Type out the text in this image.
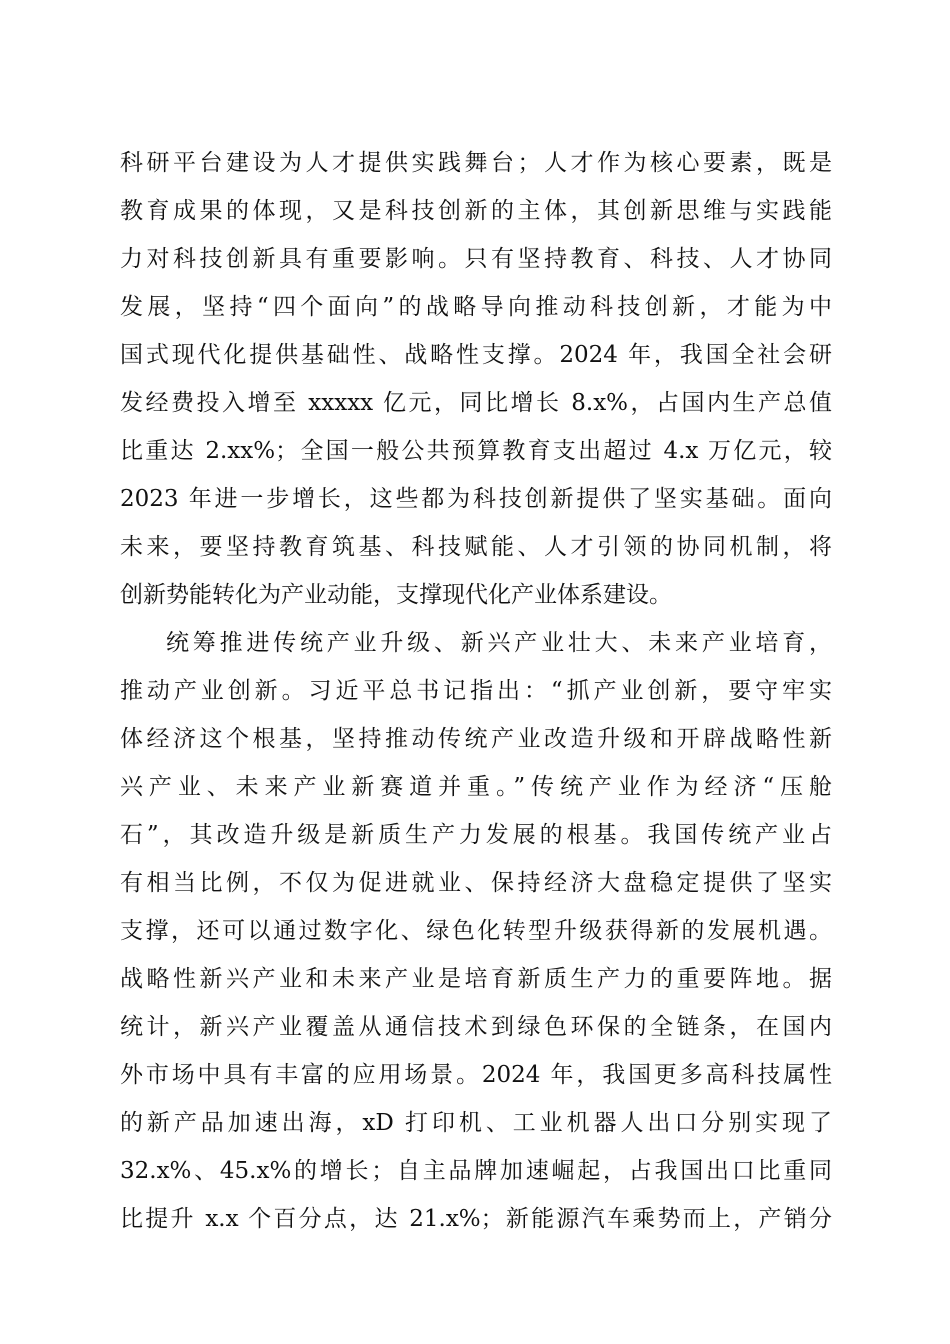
科研平台建设为人才提供实践舞台；人才作为核心要素，既是
教育成果的体现，又是科技创新的主体，其创新思维与实践能
力对科技创新具有重要影响。只有坚持教育、科技、人才协同
发展，坚持“四个面向”的战略导向推动科技创新，才能为中
国式现代化提供基础性、战略性支撑。2024 年，我国全社会研
发经费投入增至 xxxxx 亿元，同比增长 8.x%，占国内生产总值
比重达 2.xx%；全国一般公共预算教育支出超过 4.x 万亿元，较
2023 年进一步增长，这些都为科技创新提供了坚实基础。面向
未来，要坚持教育筑基、科技赋能、人才引领的协同机制，将
创新势能转化为产业动能，支撑现代化产业体系建设。
统筹推进传统产业升级、新兴产业壮大、未来产业培育，
推动产业创新。习近平总书记指出：“抓产业创新，要守牢实
体经济这个根基，坚持推动传统产业改造升级和开辟战略性新
兴产业、未来产业新赛道并重。”传统产业作为经济“压舱
石”，其改造升级是新质生产力发展的根基。我国传统产业占
有相当比例，不仅为促进就业、保持经济大盘稳定提供了坚实
支撑，还可以通过数字化、绿色化转型升级获得新的发展机遇。
战略性新兴产业和未来产业是培育新质生产力的重要阵地。据
统计，新兴产业覆盖从通信技术到绿色环保的全链条，在国内
外市场中具有丰富的应用场景。2024 年，我国更多高科技属性
的新产品加速出海，xD 打印机、工业机器人出口分别实现了
32.x%、45.x%的增长；自主品牌加速崛起，占我国出口比重同
比提升 x.x 个百分点，达 21.x%；新能源汽车乘势而上，产销分
